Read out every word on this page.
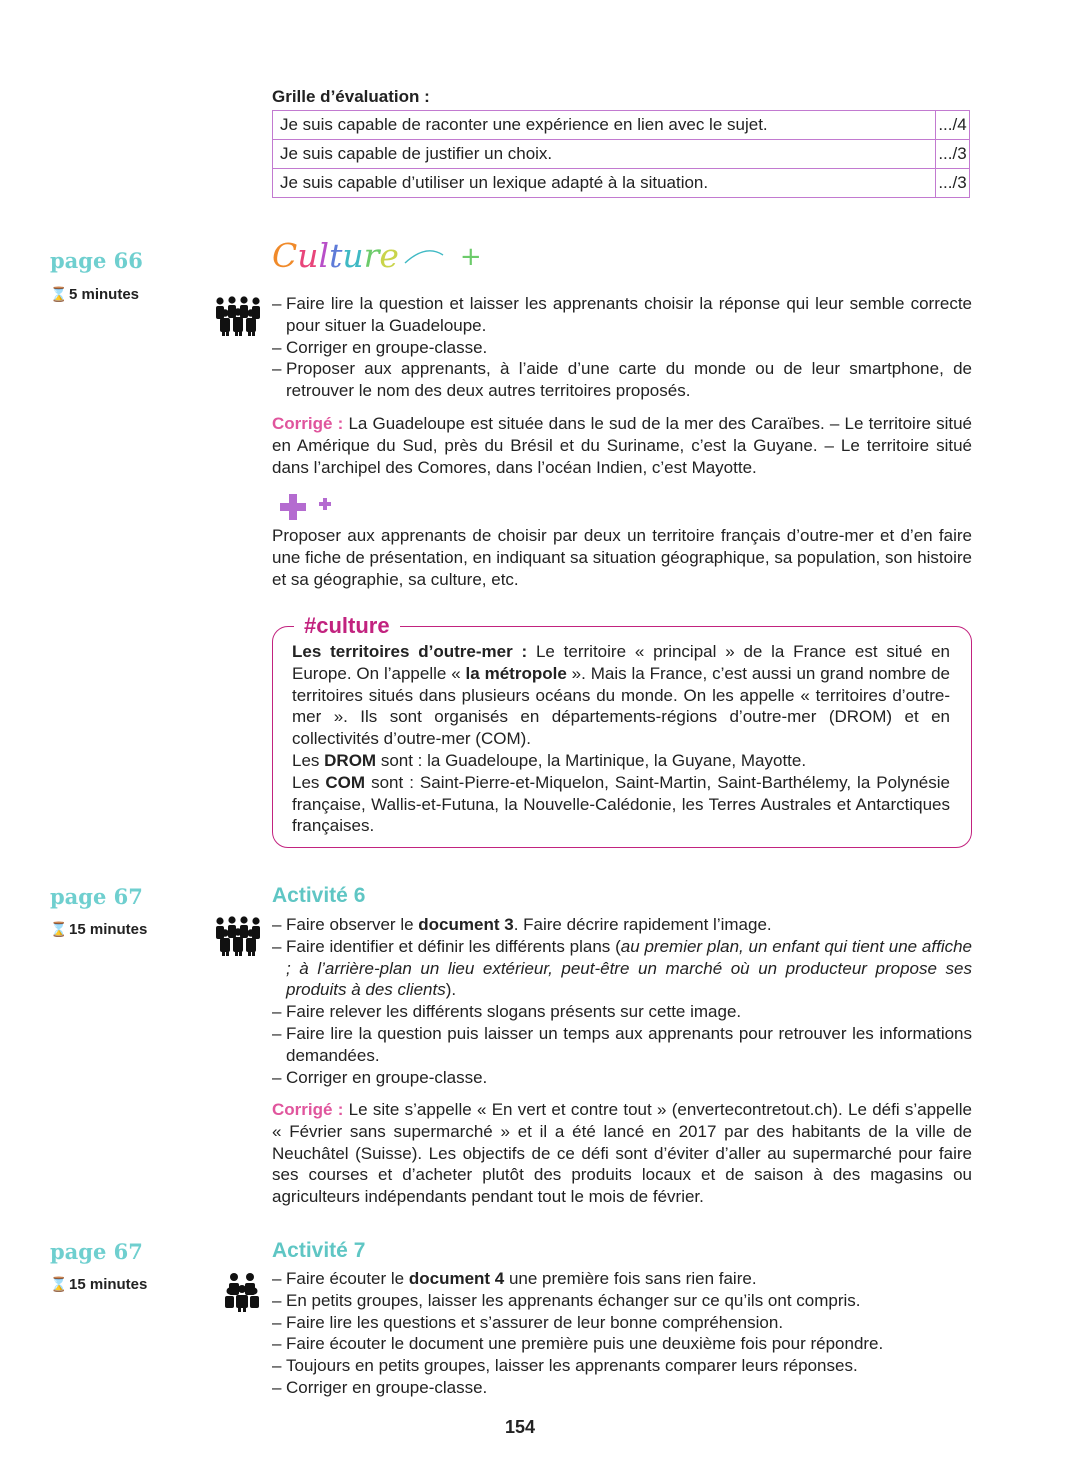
Grille d’évaluation :
Je suis capable de raconter une expérience en lien avec le sujet.	.../4
Je suis capable de justifier un choix.	.../3
Je suis capable d’utiliser un lexique adapté à la situation.	.../3
page 66
⌛ 5 minutes
Culture +
– Faire lire la question et laisser les apprenants choisir la réponse qui leur semble correcte pour situer la Guadeloupe.
– Corriger en groupe-classe.
– Proposer aux apprenants, à l’aide d’une carte du monde ou de leur smartphone, de retrouver le nom des deux autres territoires proposés.
Corrigé : La Guadeloupe est située dans le sud de la mer des Caraïbes. – Le territoire situé en Amérique du Sud, près du Brésil et du Suriname, c’est la Guyane. – Le territoire situé dans l’archipel des Comores, dans l’océan Indien, c’est Mayotte.
Proposer aux apprenants de choisir par deux un territoire français d’outre-mer et d’en faire une fiche de présentation, en indiquant sa situation géographique, sa population, son histoire et sa géographie, sa culture, etc.
#culture
Les territoires d’outre-mer : Le territoire « principal » de la France est situé en Europe. On l’appelle « la métropole ». Mais la France, c’est aussi un grand nombre de territoires situés dans plusieurs océans du monde. On les appelle « territoires d’outre-mer ». Ils sont organisés en départements-régions d’outre-mer (DROM) et en collectivités d’outre-mer (COM).
Les DROM sont : la Guadeloupe, la Martinique, la Guyane, Mayotte.
Les COM sont : Saint-Pierre-et-Miquelon, Saint-Martin, Saint-Barthélemy, la Polynésie française, Wallis-et-Futuna, la Nouvelle-Calédonie, les Terres Australes et Antarctiques françaises.
page 67
⌛ 15 minutes
Activité 6
– Faire observer le document 3. Faire décrire rapidement l’image.
– Faire identifier et définir les différents plans (au premier plan, un enfant qui tient une affiche ; à l’arrière-plan un lieu extérieur, peut-être un marché où un producteur propose ses produits à des clients).
– Faire relever les différents slogans présents sur cette image.
– Faire lire la question puis laisser un temps aux apprenants pour retrouver les informations demandées.
– Corriger en groupe-classe.
Corrigé : Le site s’appelle « En vert et contre tout » (envertecontretout.ch). Le défi s’appelle « Février sans supermarché » et il a été lancé en 2017 par des habitants de la ville de Neuchâtel (Suisse). Les objectifs de ce défi sont d’éviter d’aller au supermarché pour faire ses courses et d’acheter plutôt des produits locaux et de saison à des magasins ou agriculteurs indépendants pendant tout le mois de février.
page 67
⌛ 15 minutes
Activité 7
– Faire écouter le document 4 une première fois sans rien faire.
– En petits groupes, laisser les apprenants échanger sur ce qu’ils ont compris.
– Faire lire les questions et s’assurer de leur bonne compréhension.
– Faire écouter le document une première puis une deuxième fois pour répondre.
– Toujours en petits groupes, laisser les apprenants comparer leurs réponses.
– Corriger en groupe-classe.
154
